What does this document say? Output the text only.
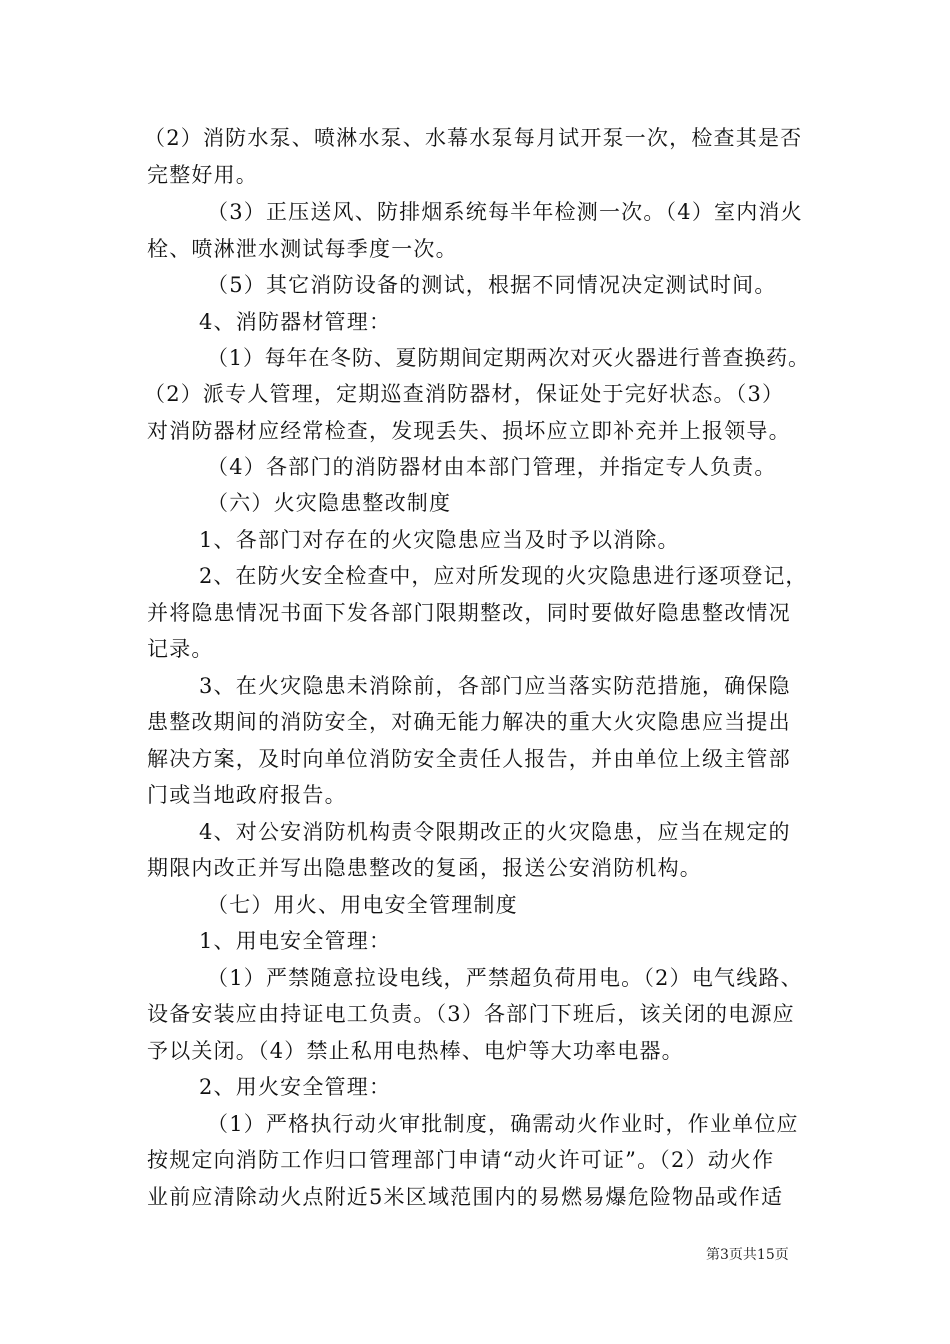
（2）消防水泵、喷淋水泵、水幕水泵每月试开泵一次，检查其是否
完整好用。
（3）正压送风、防排烟系统每半年检测一次。（4）室内消火
栓、喷淋泄水测试每季度一次。
（5）其它消防设备的测试，根据不同情况决定测试时间。
4、消防器材管理：
（1）每年在冬防、夏防期间定期两次对灭火器进行普查换药。
（2）派专人管理，定期巡查消防器材，保证处于完好状态。（3）
对消防器材应经常检查，发现丢失、损坏应立即补充并上报领导。
（4）各部门的消防器材由本部门管理，并指定专人负责。
（六）火灾隐患整改制度
1、各部门对存在的火灾隐患应当及时予以消除。
2、在防火安全检查中，应对所发现的火灾隐患进行逐项登记，
并将隐患情况书面下发各部门限期整改，同时要做好隐患整改情况
记录。
3、在火灾隐患未消除前，各部门应当落实防范措施，确保隐
患整改期间的消防安全，对确无能力解决的重大火灾隐患应当提出
解决方案，及时向单位消防安全责任人报告，并由单位上级主管部
门或当地政府报告。
4、对公安消防机构责令限期改正的火灾隐患，应当在规定的
期限内改正并写出隐患整改的复函，报送公安消防机构。
（七）用火、用电安全管理制度
1、用电安全管理：
（1）严禁随意拉设电线，严禁超负荷用电。（2）电气线路、
设备安装应由持证电工负责。（3）各部门下班后，该关闭的电源应
予以关闭。（4）禁止私用电热棒、电炉等大功率电器。
2、用火安全管理：
（1）严格执行动火审批制度，确需动火作业时，作业单位应
按规定向消防工作归口管理部门申请“动火许可证”。（2）动火作
业前应清除动火点附近5米区域范围内的易燃易爆危险物品或作适
第3页共15页
